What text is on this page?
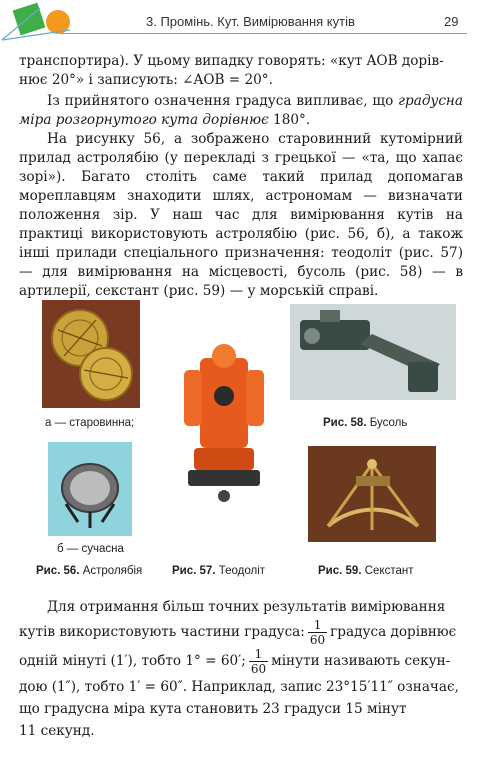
3. Промінь. Кут. Вимірювання кутів	29

транспортира). У цьому випадку говорять: «кут AOB дорів-

нює 20°» і записують: ∠AOB = 20°.

Із прийнятого означення градуса випливає, що градусна міра розгорнутого кута дорівнює 180°.

На рисунку 56, а зображено старовинний кутомірний прилад астролябію (у перекладі з грецької — «та, що хапає зорі»). Багато століть саме такий прилад допомагав мореплавцям знаходити шлях, астрономам — визначати положення зір. У наш час для вимірювання кутів на практиці використовують астролябію (рис. 56, б), а також інші прилади спеціального призначення: теодоліт (рис. 57) — для вимірювання на місцевості, бусоль (рис. 58) — в артилерії, секстант (рис. 59) — у морській справі.

а — старовинна;
б — сучасна
Рис. 58. Бусоль
Рис. 56. Астролябія	Рис. 57. Теодоліт	Рис. 59. Секстант

Для отримання більш точних результатів вимірювання

кутів використовують частини градуса: $\frac{1}{60}$ градуса дорівнює

одній мінуті (1′), тобто 1° = 60′; $\frac{1}{60}$ мінути називають секун-

дою (1″), тобто 1′ = 60″. Наприклад, запис 23°15′11″ означає,

що градусна міра кута становить 23 градуси 15 мінут

11 секунд.
